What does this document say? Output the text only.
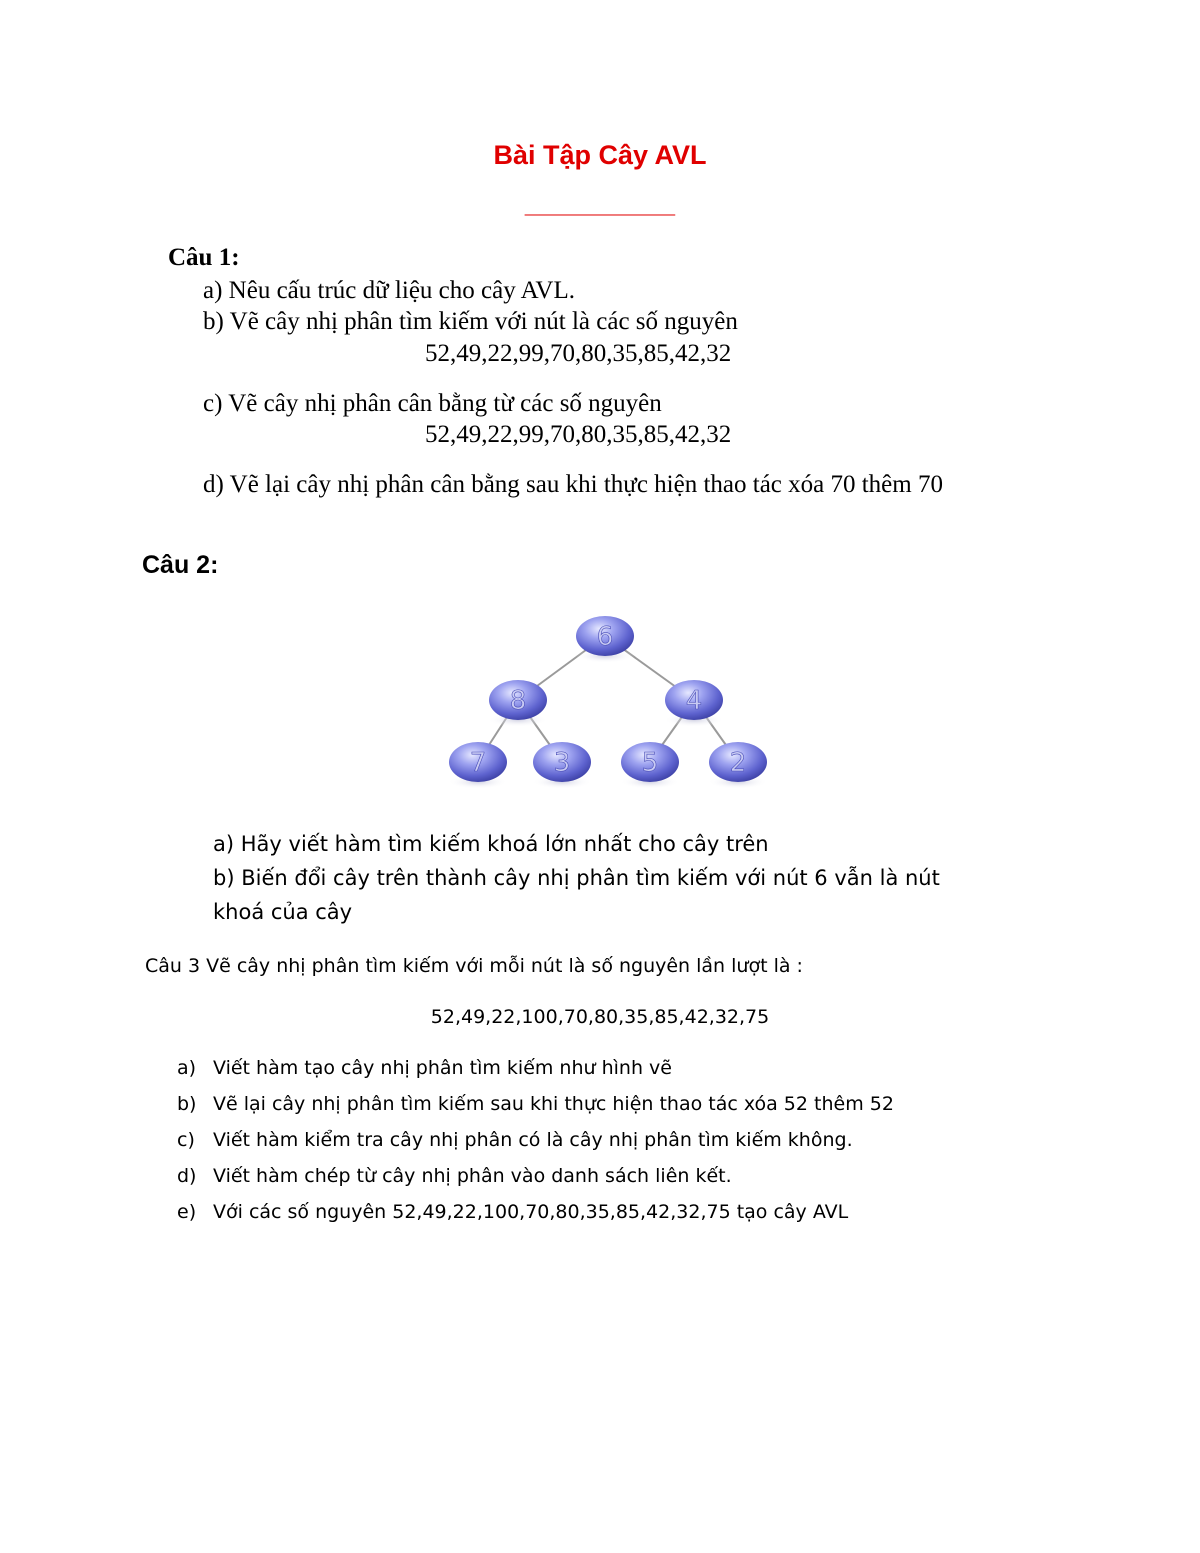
Bài Tập Cây AVL
__________
Câu 1:
a) Nêu cấu trúc dữ liệu cho cây AVL.
b) Vẽ cây nhị phân tìm kiếm với nút là các số nguyên
52,49,22,99,70,80,35,85,42,32
c) Vẽ cây nhị phân cân bằng từ các số nguyên
52,49,22,99,70,80,35,85,42,32
d) Vẽ lại cây nhị phân cân bằng sau khi thực hiện thao tác xóa 70 thêm 70
Câu 2:
6
8	4
7	3	5	2
a) Hãy viết hàm tìm kiếm khoá lớn nhất cho cây trên
b) Biến đổi cây trên thành cây nhị phân tìm kiếm với nút 6 vẫn là nút
khoá của cây
Câu 3 Vẽ cây nhị phân tìm kiếm với mỗi nút là số nguyên lần lượt là :
52,49,22,100,70,80,35,85,42,32,75
a) Viết hàm tạo cây nhị phân tìm kiếm như hình vẽ
b) Vẽ lại cây nhị phân tìm kiếm sau khi thực hiện thao tác xóa 52 thêm 52
c) Viết hàm kiểm tra cây nhị phân có là cây nhị phân tìm kiếm không.
d) Viết hàm chép từ cây nhị phân vào danh sách liên kết.
e) Với các số nguyên 52,49,22,100,70,80,35,85,42,32,75 tạo cây AVL
